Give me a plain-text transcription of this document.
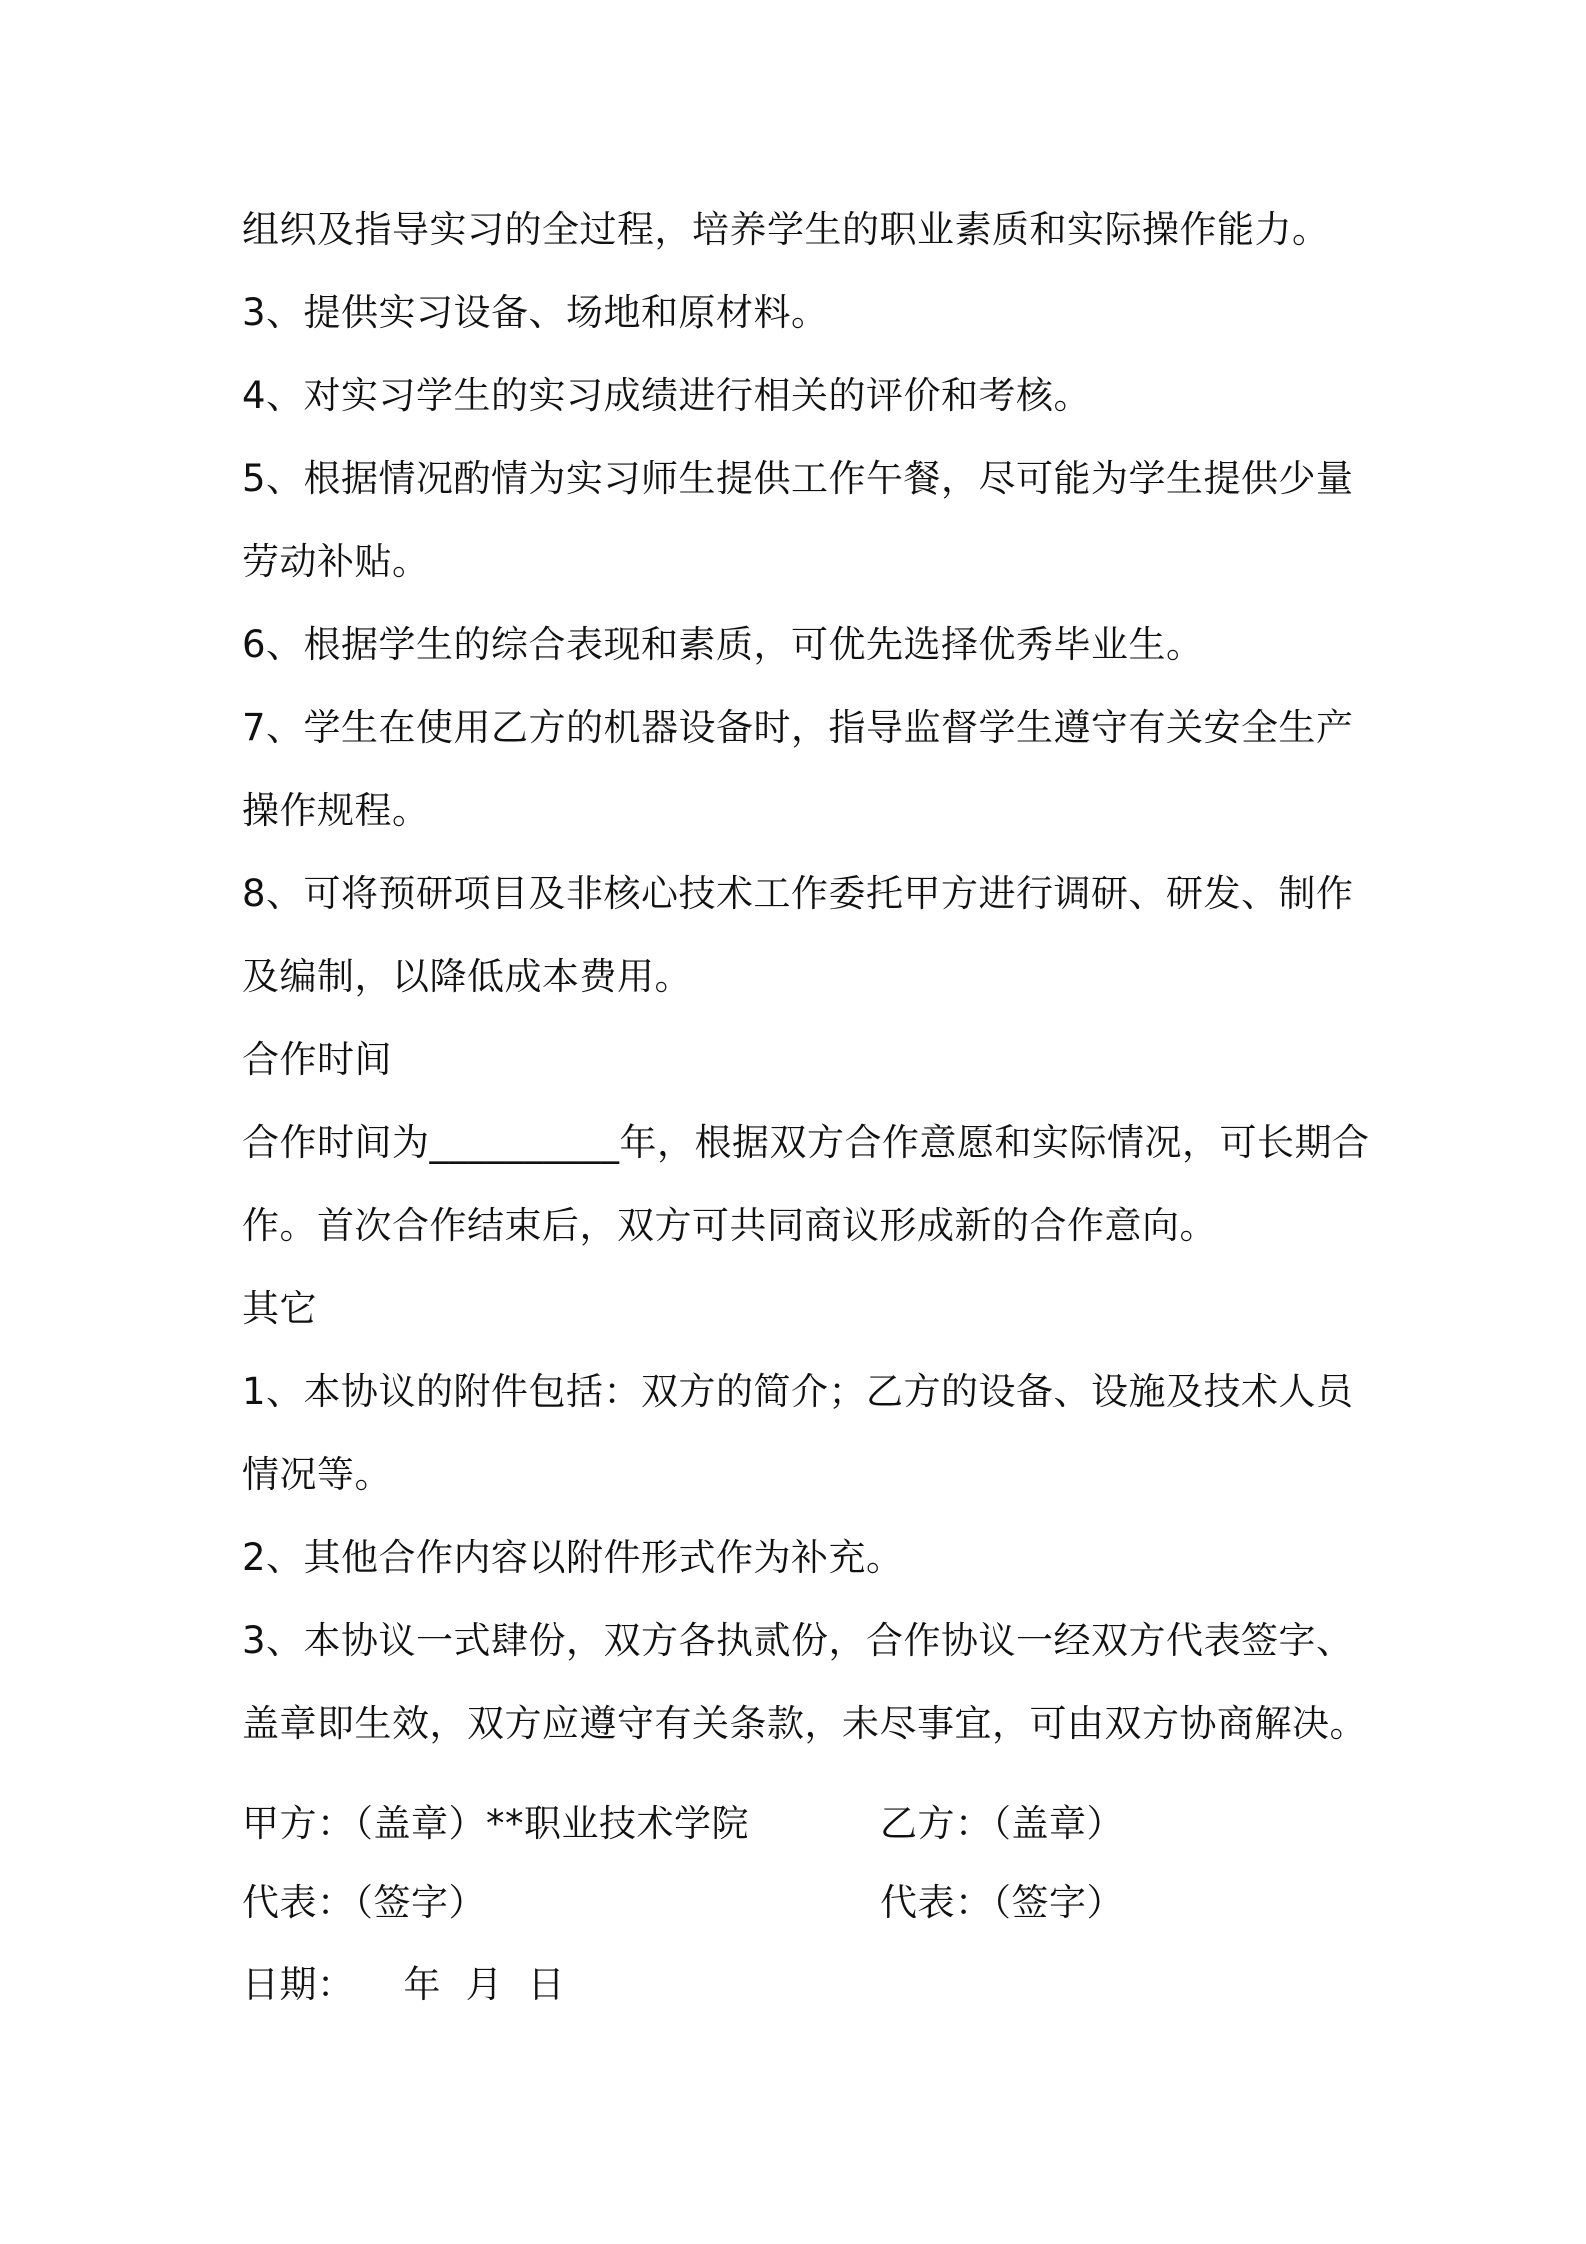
组织及指导实习的全过程，培养学生的职业素质和实际操作能力。
3、提供实习设备、场地和原材料。
4、对实习学生的实习成绩进行相关的评价和考核。
5、根据情况酌情为实习师生提供工作午餐，尽可能为学生提供少量
劳动补贴。
6、根据学生的综合表现和素质，可优先选择优秀毕业生。
7、学生在使用乙方的机器设备时，指导监督学生遵守有关安全生产
操作规程。
8、可将预研项目及非核心技术工作委托甲方进行调研、研发、制作
及编制，以降低成本费用。
合作时间
合作时间为__________年，根据双方合作意愿和实际情况，可长期合
作。首次合作结束后，双方可共同商议形成新的合作意向。
其它
1、本协议的附件包括：双方的简介；乙方的设备、设施及技术人员
情况等。
2、其他合作内容以附件形式作为补充。
3、本协议一式肆份，双方各执贰份，合作协议一经双方代表签字、
盖章即生效，双方应遵守有关条款，未尽事宜，可由双方协商解决。
甲方：（盖章）**职业技术学院	乙方：（盖章）
代表：（签字）	代表：（签字）
日期：    年  月  日
